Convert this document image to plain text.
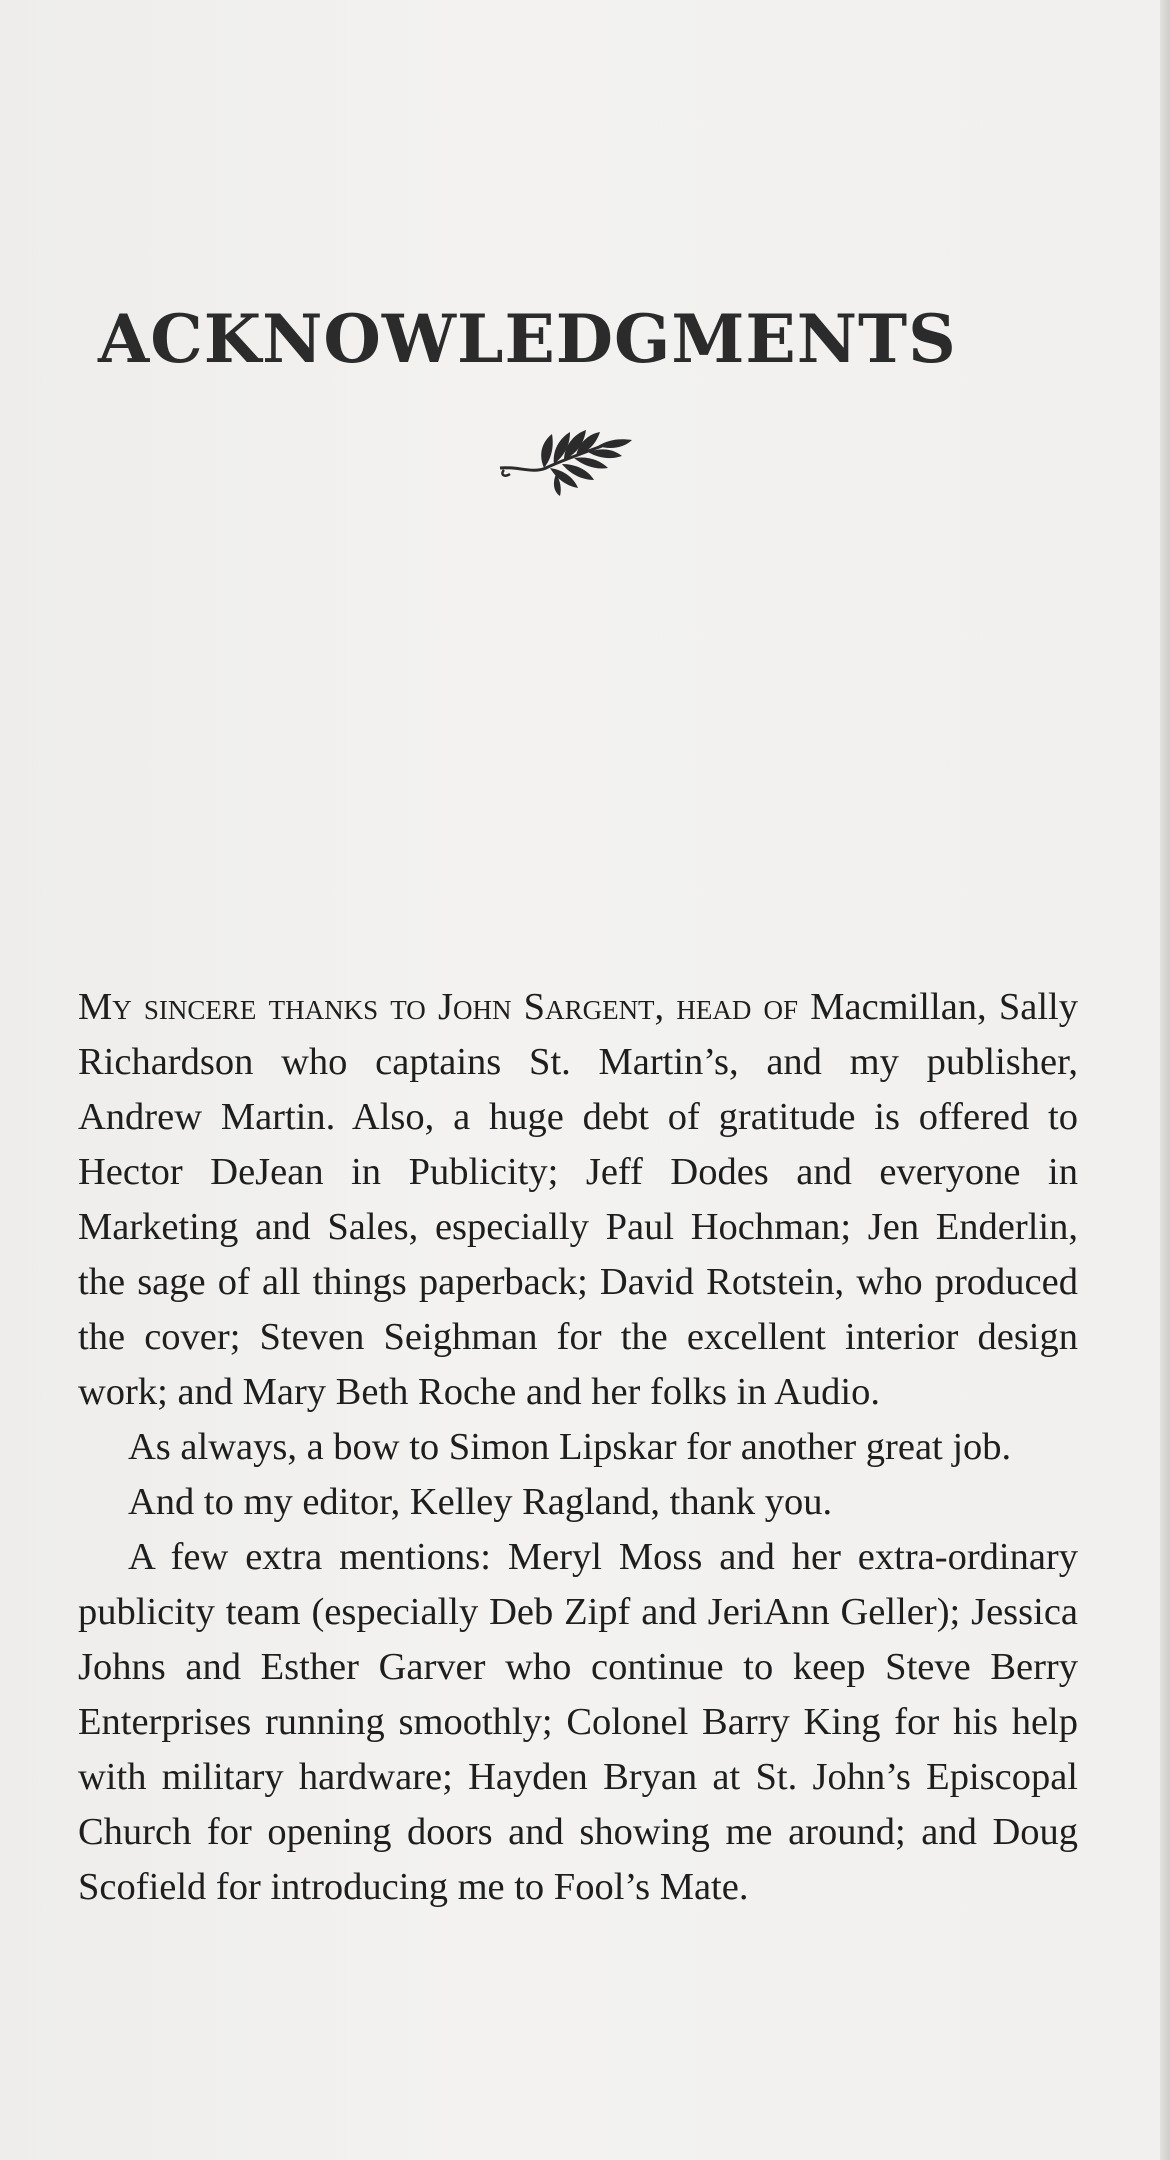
ACKNOWLEDGMENTS

My sincere thanks to John Sargent, head of Macmillan, Sally Richardson who captains St. Martin’s, and my publisher, Andrew Martin. Also, a huge debt of gratitude is offered to Hector DeJean in Publicity; Jeff Dodes and everyone in Marketing and Sales, especially Paul Hochman; Jen Enderlin, the sage of all things paperback; David Rotstein, who produced the cover; Steven Seighman for the excellent interior design work; and Mary Beth Roche and her folks in Audio.

As always, a bow to Simon Lipskar for another great job.

And to my editor, Kelley Ragland, thank you.

A few extra mentions: Meryl Moss and her extra-ordinary publicity team (especially Deb Zipf and JeriAnn Geller); Jessica Johns and Esther Garver who continue to keep Steve Berry Enterprises running smoothly; Colonel Barry King for his help with military hardware; Hayden Bryan at St. John’s Episcopal Church for opening doors and showing me around; and Doug Scofield for introducing me to Fool’s Mate.
